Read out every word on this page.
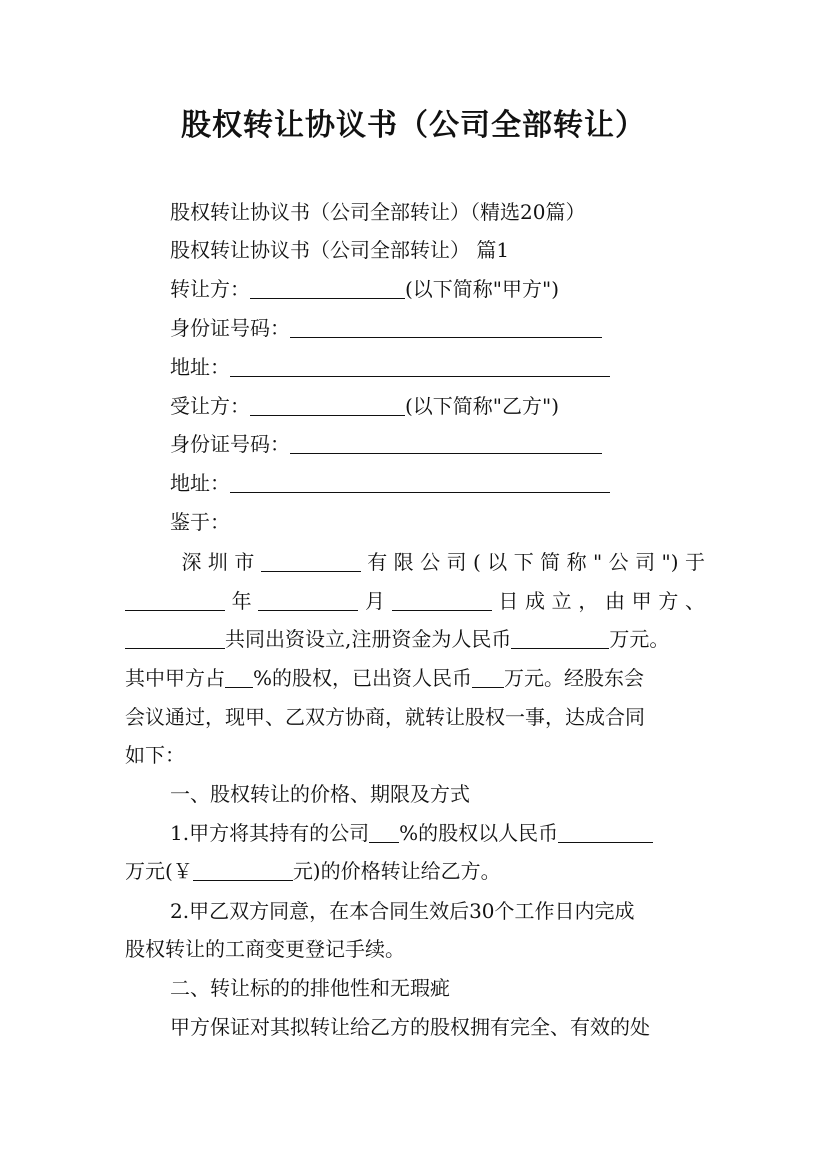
股权转让协议书（公司全部转让）
股权转让协议书（公司全部转让）（精选20篇）
股权转让协议书（公司全部转让） 篇1
转让方：	(以下简称"甲方")
身份证号码：
地址：
受让方：	(以下简称"乙方")
身份证号码：
地址：
鉴于：
深圳市	有限公司(以下简称"公司")于
年	月	日成立，由甲方、
共同出资设立,注册资金为人民币	万元。
其中甲方占 %的股权，已出资人民币 万元。经股东会
会议通过，现甲、乙双方协商，就转让股权一事，达成合同
如下：
一、股权转让的价格、期限及方式
1.甲方将其持有的公司 %的股权以人民币
万元(￥	元)的价格转让给乙方。
2.甲乙双方同意，在本合同生效后30个工作日内完成
股权转让的工商变更登记手续。
二、转让标的的排他性和无瑕疵
甲方保证对其拟转让给乙方的股权拥有完全、有效的处
